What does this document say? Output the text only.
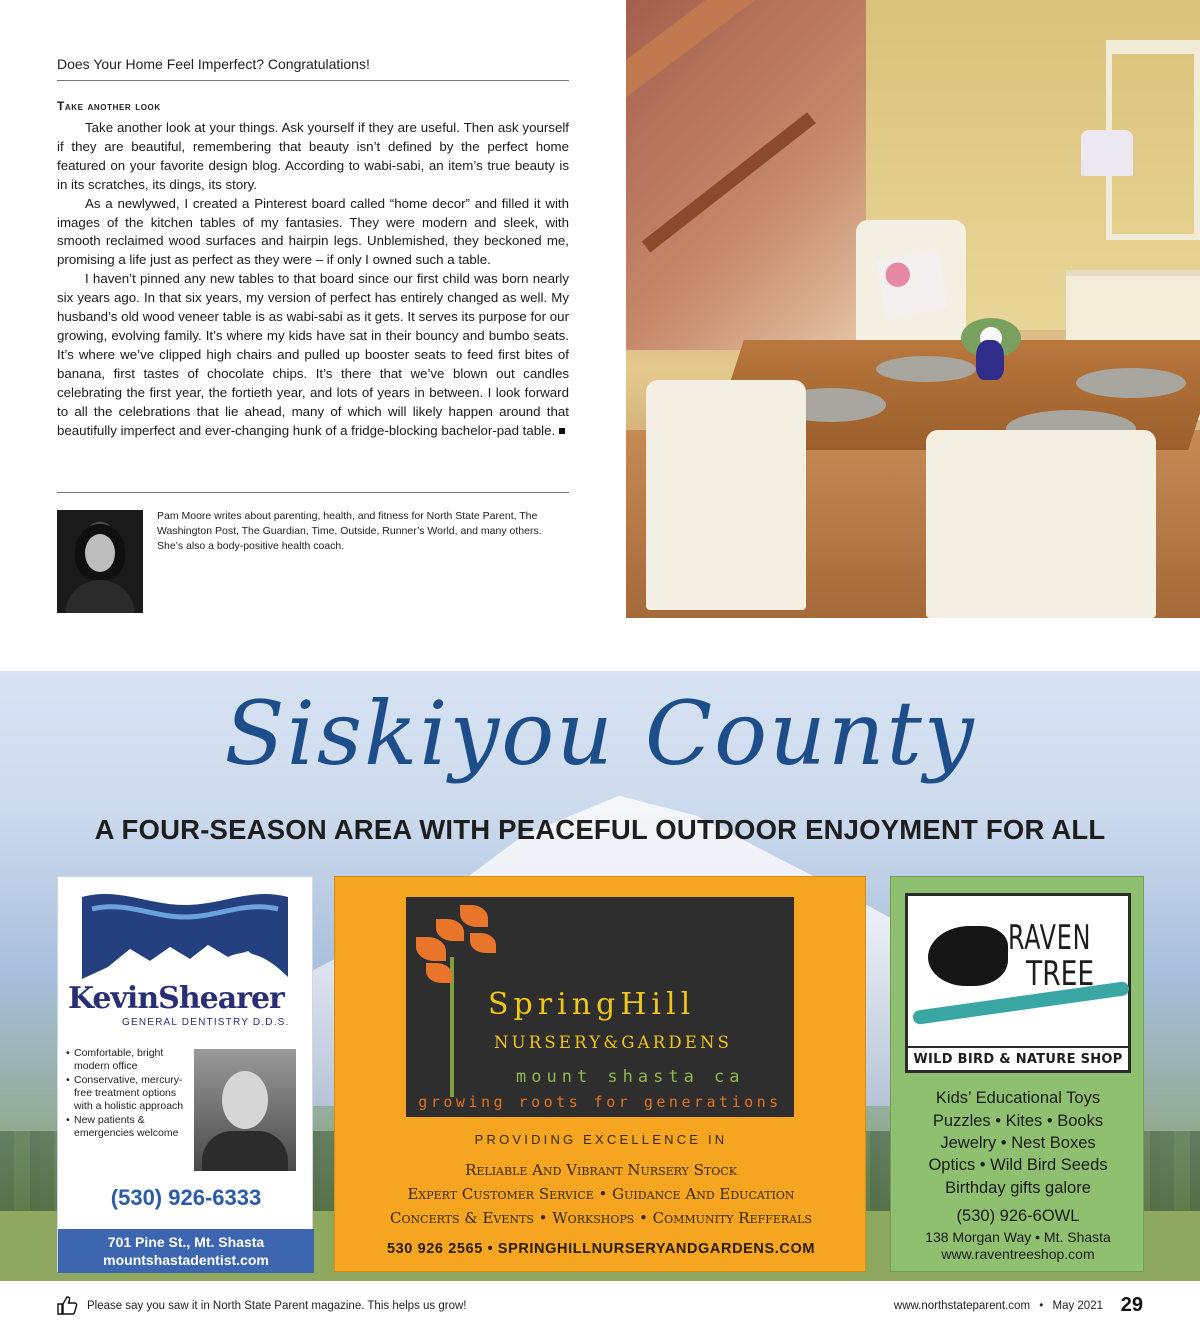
Does Your Home Feel Imperfect? Congratulations!
Take another look

Take another look at your things. Ask yourself if they are useful. Then ask yourself if they are beautiful, remembering that beauty isn’t defined by the perfect home featured on your favorite design blog. According to wabi-sabi, an item’s true beauty is in its scratches, its dings, its story.

As a newlywed, I created a Pinterest board called “home decor” and filled it with images of the kitchen tables of my fantasies. They were modern and sleek, with smooth reclaimed wood surfaces and hairpin legs. Unblemished, they beckoned me, promising a life just as perfect as they were – if only I owned such a table.

I haven’t pinned any new tables to that board since our first child was born nearly six years ago. In that six years, my version of perfect has entirely changed as well. My husband’s old wood veneer table is as wabi-sabi as it gets. It serves its purpose for our growing, evolving family. It’s where my kids have sat in their bouncy and bumbo seats. It’s where we’ve clipped high chairs and pulled up booster seats to feed first bites of banana, first tastes of chocolate chips. It’s there that we’ve blown out candles celebrating the first year, the fortieth year, and lots of years in between. I look forward to all the celebrations that lie ahead, many of which will likely happen around that beautifully imperfect and ever-changing hunk of a fridge-blocking bachelor-pad table.

Pam Moore writes about parenting, health, and fitness for North State Parent, The Washington Post, The Guardian, Time, Outside, Runner’s World, and many others. She’s also a body-positive health coach.
Siskiyou County
A FOUR-SEASON AREA WITH PEACEFUL OUTDOOR ENJOYMENT FOR ALL
KevinShearer
GENERAL DENTISTRY D.D.S.
• Comfortable, bright modern office
• Conservative, mercury- free treatment options with a holistic approach
• New patients & emergencies welcome
(530) 926-6333
701 Pine St., Mt. Shasta
mountshastadentist.com
SpringHill
NURSERY&GARDENS
mount shasta ca
growing roots for generations
PROVIDING EXCELLENCE IN
Reliable And Vibrant Nursery Stock
Expert Customer Service • Guidance And Education
Concerts & Events • Workshops • Community Refferals
530 926 2565 • SPRINGHILLNURSERYANDGARDENS.COM
RAVEN
TREE
WILD BIRD & NATURE SHOP
Kids’ Educational Toys
Puzzles • Kites • Books
Jewelry • Nest Boxes
Optics • Wild Bird Seeds
Birthday gifts galore
(530) 926-6OWL
138 Morgan Way • Mt. Shasta
www.raventreeshop.com
Please say you saw it in North State Parent magazine. This helps us grow!	www.northstateparent.com • May 2021 29
